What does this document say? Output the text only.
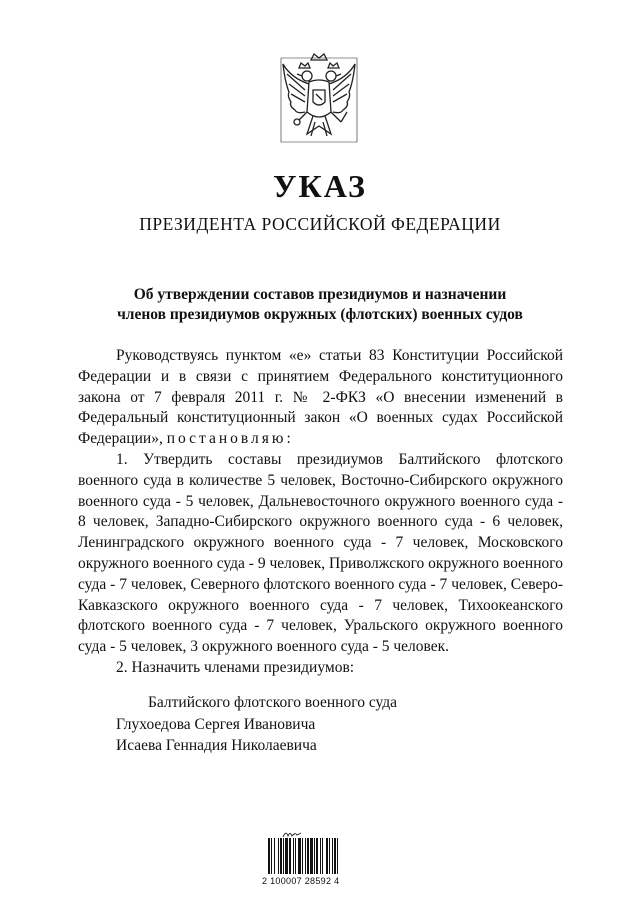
УКАЗ
ПРЕЗИДЕНТА РОССИЙСКОЙ ФЕДЕРАЦИИ
Об утверждении составов президиумов и назначении
членов президиумов окружных (флотских) военных судов

Руководствуясь пунктом «е» статьи 83 Конституции Российской Федерации и в связи с принятием Федерального конституционного закона от 7 февраля 2011 г. № 2-ФКЗ «О внесении изменений в Федеральный конституционный закон «О военных судах Российской Федерации», постановляю:

1. Утвердить составы президиумов Балтийского флотского военного суда в количестве 5 человек, Восточно-Сибирского окружного военного суда - 5 человек, Дальневосточного окружного военного суда - 8 человек, Западно-Сибирского окружного военного суда - 6 человек, Ленинградского окружного военного суда - 7 человек, Московского окружного военного суда - 9 человек, Приволжского окружного военного суда - 7 человек, Северного флотского военного суда - 7 человек, Северо-Кавказского окружного военного суда - 7 человек, Тихоокеанского флотского военного суда - 7 человек, Уральского окружного военного суда - 5 человек, 3 окружного военного суда - 5 человек.

2. Назначить членами президиумов:

Балтийского флотского военного суда
Глухоедова Сергея Ивановича
Исаева Геннадия Николаевича
2 100007 28592 4
